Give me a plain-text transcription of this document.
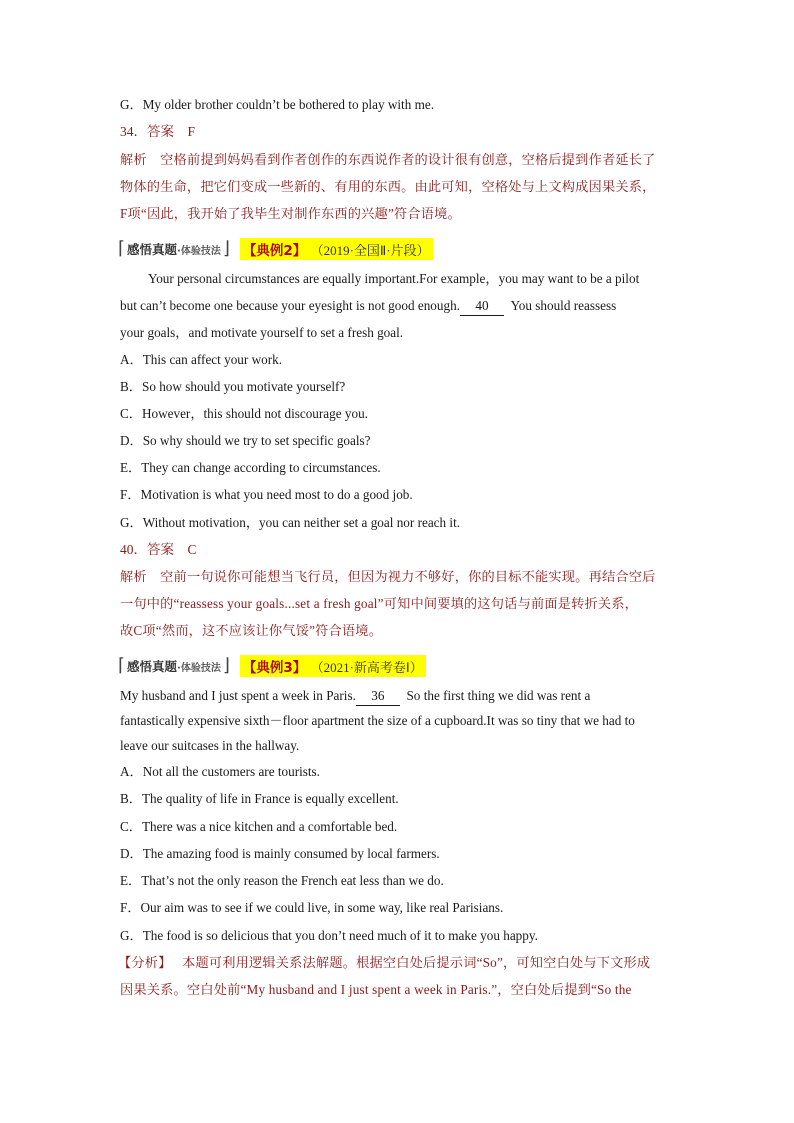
G．My older brother couldn’t be bothered to play with me.
34．答案　F
解析　空格前提到妈妈看到作者创作的东西说作者的设计很有创意，空格后提到作者延长了
物体的生命，把它们变成一些新的、有用的东西。由此可知，空格处与上文构成因果关系，
F项“因此，我开始了我毕生对制作东西的兴趣”符合语境。
⌈ 感悟真题 ·体验技法 ⌋ 【典例2】 （2019·全国Ⅱ·片段）
Your personal circumstances are equally important.For example，you may want to be a pilot
but can’t become one because your eyesight is not good enough. 40 You should reassess
your goals，and motivate yourself to set a fresh goal.
A．This can affect your work.
B．So how should you motivate yourself?
C．However，this should not discourage you.
D．So why should we try to set specific goals?
E．They can change according to circumstances.
F．Motivation is what you need most to do a good job.
G．Without motivation，you can neither set a goal nor reach it.
40．答案　C
解析　空前一句说你可能想当飞行员，但因为视力不够好，你的目标不能实现。再结合空后
一句中的“reassess your goals...set a fresh goal”可知中间要填的这句话与前面是转折关系，
故C项“然而，这不应该让你气馁”符合语境。
⌈ 感悟真题 ·体验技法 ⌋ 【典例3】 （2021·新高考卷Ⅰ）
My husband and I just spent a week in Paris. 36 So the first thing we did was rent a
fantastically expensive sixth－floor apartment the size of a cupboard.It was so tiny that we had to
leave our suitcases in the hallway.
A．Not all the customers are tourists.
B．The quality of life in France is equally excellent.
C．There was a nice kitchen and a comfortable bed.
D．The amazing food is mainly consumed by local farmers.
E．That’s not the only reason the French eat less than we do.
F．Our aim was to see if we could live, in some way, like real Parisians.
G．The food is so delicious that you don’t need much of it to make you happy.
【分析】 本题可利用逻辑关系法解题。根据空白处后提示词“So”，可知空白处与下文形成
因果关系。空白处前“My husband and I just spent a week in Paris.”，空白处后提到“So the
